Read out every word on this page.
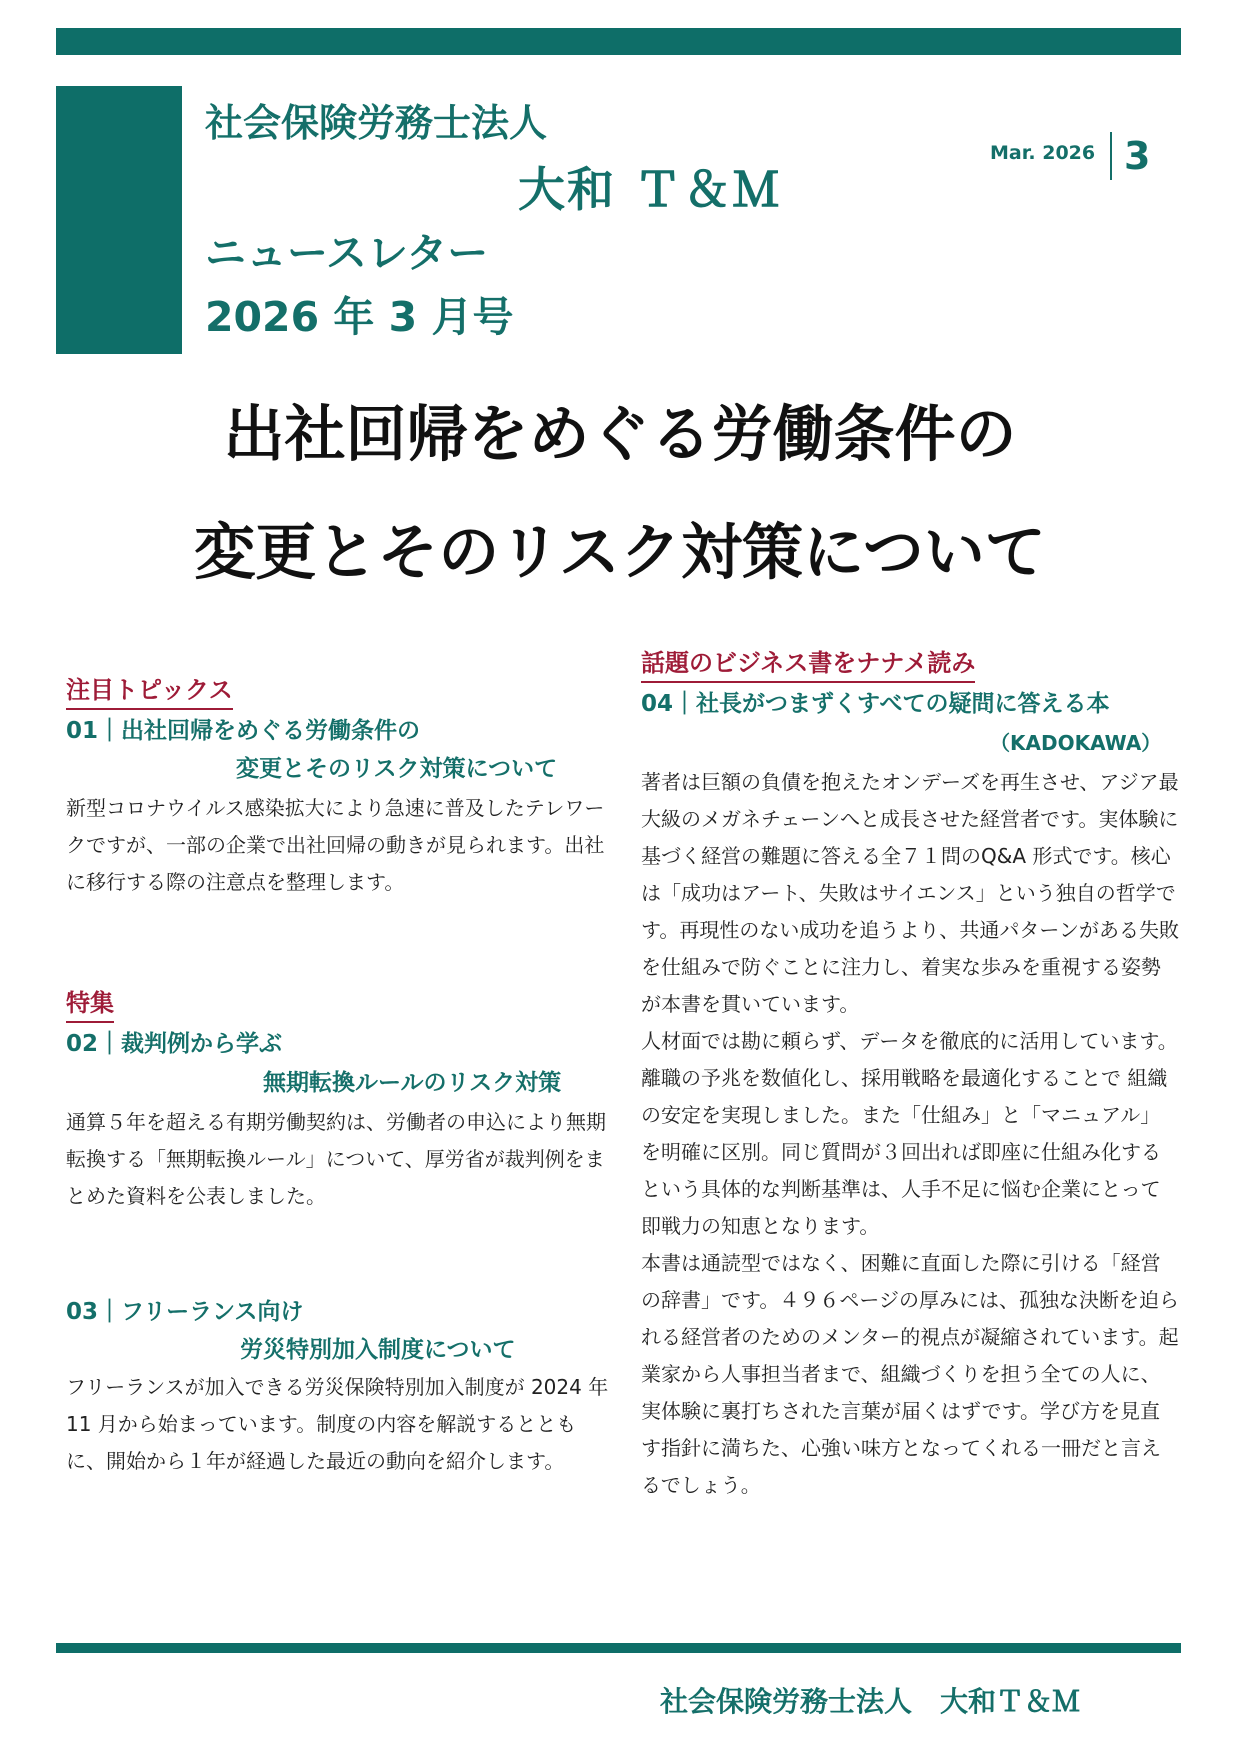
社会保険労務士法人
大和 Ｔ＆Ｍ
ニュースレター
2026 年 3 月号
Mar. 2026 3
出社回帰をめぐる労働条件の
変更とそのリスク対策について
注目トピックス
01｜出社回帰をめぐる労働条件の
変更とそのリスク対策について
新型コロナウイルス感染拡大により急速に普及したテレワークですが、一部の企業で出社回帰の動きが見られます。出社に移行する際の注意点を整理します。
特集
02｜裁判例から学ぶ
無期転換ルールのリスク対策
通算５年を超える有期労働契約は、労働者の申込により無期転換する「無期転換ルール」について、厚労省が裁判例をまとめた資料を公表しました。
03｜フリーランス向け
労災特別加入制度について
フリーランスが加入できる労災保険特別加入制度が 2024 年 11 月から始まっています。制度の内容を解説するとともに、開始から１年が経過した最近の動向を紹介します。
話題のビジネス書をナナメ読み
04｜社長がつまずくすべての疑問に答える本
（KADOKAWA）
著者は巨額の負債を抱えたオンデーズを再生させ、アジア最大級のメガネチェーンへと成長させた経営者です。実体験に基づく経営の難題に答える全７１問のQ&A 形式です。核心は「成功はアート、失敗はサイエンス」という独自の哲学です。再現性のない成功を追うより、共通パターンがある失敗を仕組みで防ぐことに注力し、着実な歩みを重視する姿勢が本書を貫いています。
人材面では勘に頼らず、データを徹底的に活用しています。離職の予兆を数値化し、採用戦略を最適化することで 組織の安定を実現しました。また「仕組み」と「マニュアル」を明確に区別。同じ質問が３回出れば即座に仕組み化するという具体的な判断基準は、人手不足に悩む企業にとって即戦力の知恵となります。
本書は通読型ではなく、困難に直面した際に引ける「経営の辞書」です。４９６ページの厚みには、孤独な決断を迫られる経営者のためのメンター的視点が凝縮されています。起業家から人事担当者まで、組織づくりを担う全ての人に、実体験に裏打ちされた言葉が届くはずです。学び方を見直す指針に満ちた、心強い味方となってくれる一冊だと言えるでしょう。
社会保険労務士法人　大和Ｔ＆Ｍ
